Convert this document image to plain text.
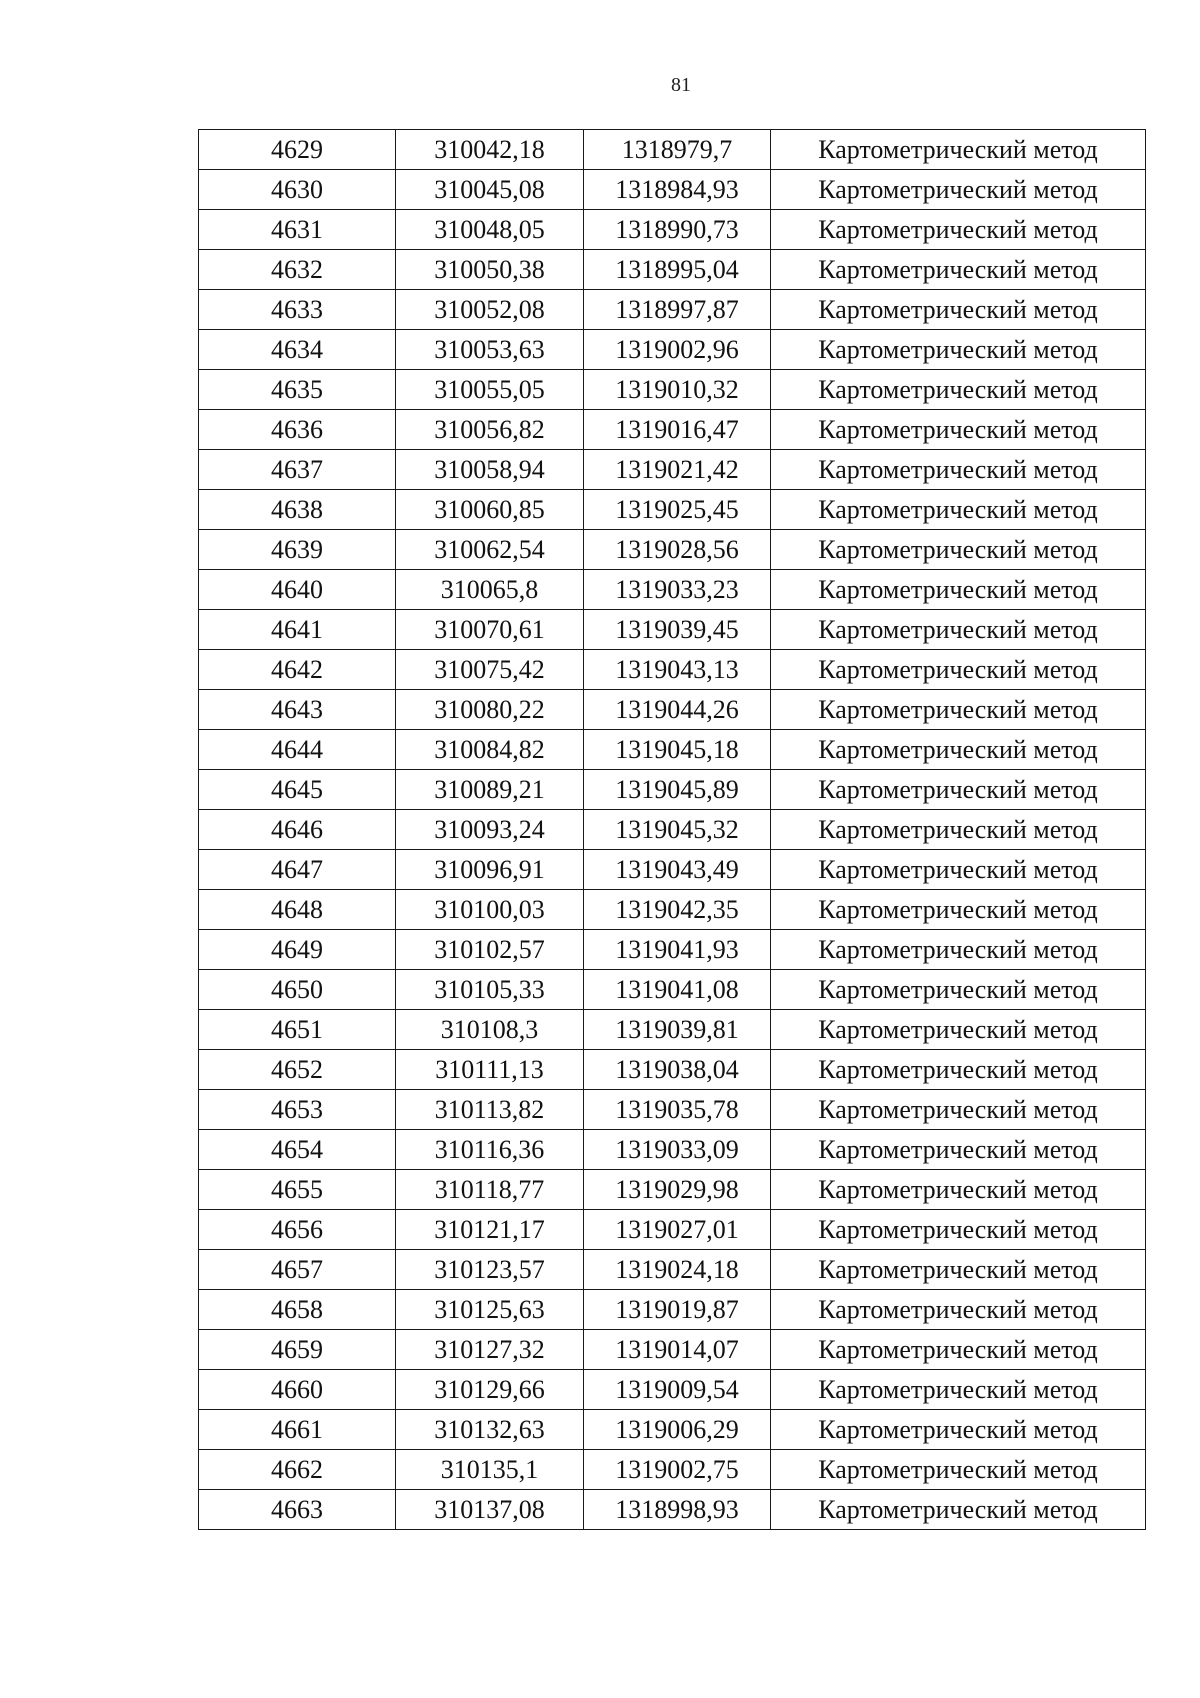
81
4629	310042,18	1318979,7	Картометрический метод
4630	310045,08	1318984,93	Картометрический метод
4631	310048,05	1318990,73	Картометрический метод
4632	310050,38	1318995,04	Картометрический метод
4633	310052,08	1318997,87	Картометрический метод
4634	310053,63	1319002,96	Картометрический метод
4635	310055,05	1319010,32	Картометрический метод
4636	310056,82	1319016,47	Картометрический метод
4637	310058,94	1319021,42	Картометрический метод
4638	310060,85	1319025,45	Картометрический метод
4639	310062,54	1319028,56	Картометрический метод
4640	310065,8	1319033,23	Картометрический метод
4641	310070,61	1319039,45	Картометрический метод
4642	310075,42	1319043,13	Картометрический метод
4643	310080,22	1319044,26	Картометрический метод
4644	310084,82	1319045,18	Картометрический метод
4645	310089,21	1319045,89	Картометрический метод
4646	310093,24	1319045,32	Картометрический метод
4647	310096,91	1319043,49	Картометрический метод
4648	310100,03	1319042,35	Картометрический метод
4649	310102,57	1319041,93	Картометрический метод
4650	310105,33	1319041,08	Картометрический метод
4651	310108,3	1319039,81	Картометрический метод
4652	310111,13	1319038,04	Картометрический метод
4653	310113,82	1319035,78	Картометрический метод
4654	310116,36	1319033,09	Картометрический метод
4655	310118,77	1319029,98	Картометрический метод
4656	310121,17	1319027,01	Картометрический метод
4657	310123,57	1319024,18	Картометрический метод
4658	310125,63	1319019,87	Картометрический метод
4659	310127,32	1319014,07	Картометрический метод
4660	310129,66	1319009,54	Картометрический метод
4661	310132,63	1319006,29	Картометрический метод
4662	310135,1	1319002,75	Картометрический метод
4663	310137,08	1318998,93	Картометрический метод
